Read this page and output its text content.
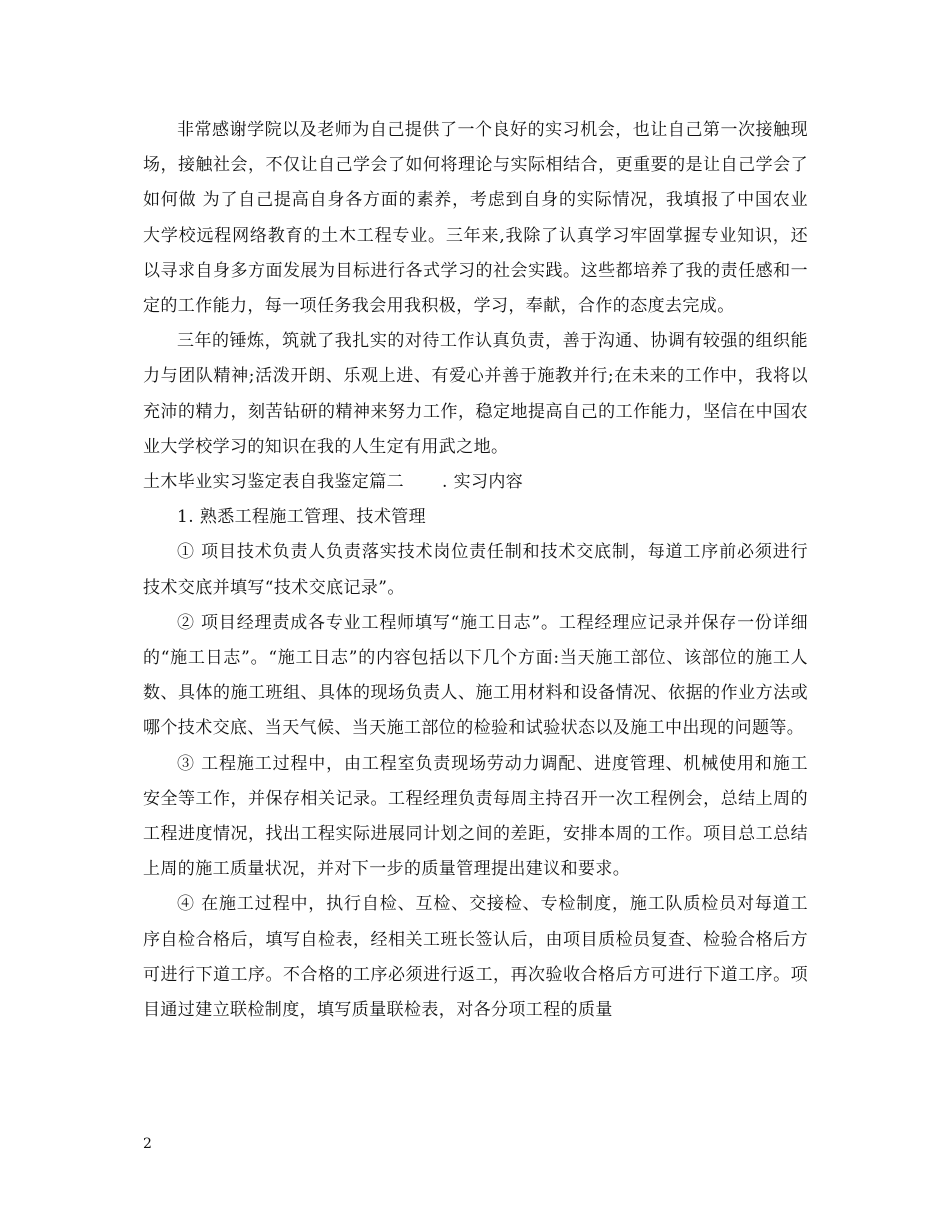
非常感谢学院以及老师为自己提供了一个良好的实习机会，也让自己第一次接触现场，接触社会，不仅让自己学会了如何将理论与实际相结合，更重要的是让自己学会了如何做 为了自己提高自身各方面的素养，考虑到自身的实际情况，我填报了中国农业大学校远程网络教育的土木工程专业。三年来,我除了认真学习牢固掌握专业知识，还以寻求自身多方面发展为目标进行各式学习的社会实践。这些都培养了我的责任感和一定的工作能力，每一项任务我会用我积极，学习，奉献，合作的态度去完成。

三年的锤炼，筑就了我扎实的对待工作认真负责，善于沟通、协调有较强的组织能力与团队精神;活泼开朗、乐观上进、有爱心并善于施教并行;在未来的工作中，我将以充沛的精力，刻苦钻研的精神来努力工作，稳定地提高自己的工作能力，坚信在中国农业大学校学习的知识在我的人生定有用武之地。

土木毕业实习鉴定表自我鉴定篇二 . 实习内容

1. 熟悉工程施工管理、技术管理

① 项目技术负责人负责落实技术岗位责任制和技术交底制，每道工序前必须进行技术交底并填写“技术交底记录”。

② 项目经理责成各专业工程师填写“施工日志”。工程经理应记录并保存一份详细的“施工日志”。“施工日志”的内容包括以下几个方面:当天施工部位、该部位的施工人数、具体的施工班组、具体的现场负责人、施工用材料和设备情况、依据的作业方法或哪个技术交底、当天气候、当天施工部位的检验和试验状态以及施工中出现的问题等。

③ 工程施工过程中，由工程室负责现场劳动力调配、进度管理、机械使用和施工安全等工作，并保存相关记录。工程经理负责每周主持召开一次工程例会，总结上周的工程进度情况，找出工程实际进展同计划之间的差距，安排本周的工作。项目总工总结上周的施工质量状况，并对下一步的质量管理提出建议和要求。

④ 在施工过程中，执行自检、互检、交接检、专检制度，施工队质检员对每道工序自检合格后，填写自检表，经相关工班长签认后，由项目质检员复查、检验合格后方可进行下道工序。不合格的工序必须进行返工，再次验收合格后方可进行下道工序。项目通过建立联检制度，填写质量联检表，对各分项工程的质量

2
